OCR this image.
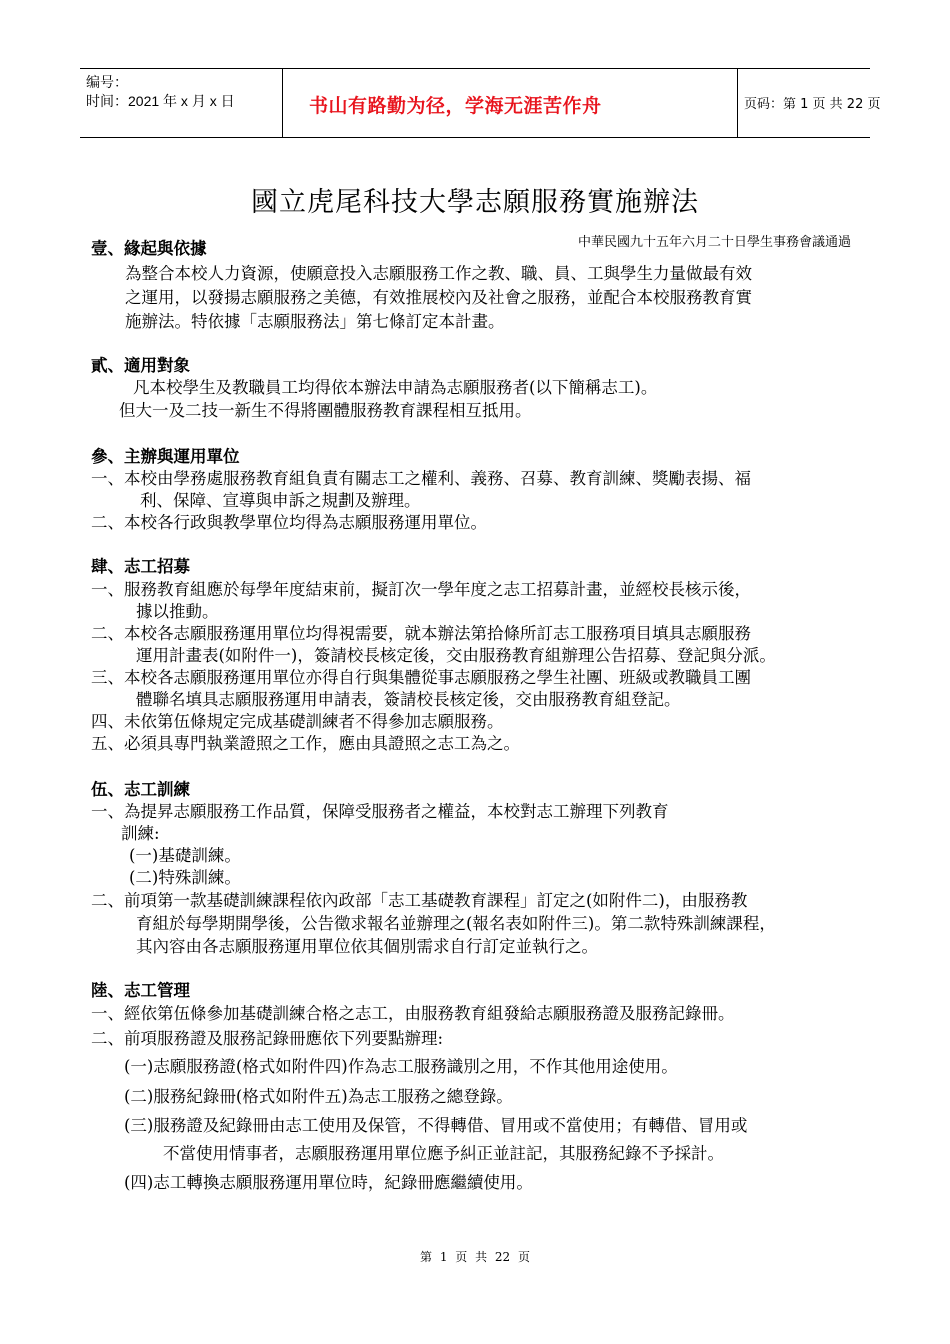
编号：
时间：2021 年 x 月 x 日	书山有路勤为径，学海无涯苦作舟	页码：第 1 页 共 22 页
國立虎尾科技大學志願服務實施辦法
中華民國九十五年六月二十日學生事務會議通過
壹、緣起與依據
為整合本校人力資源，使願意投入志願服務工作之教、職、員、工與學生力量做最有效
之運用，以發揚志願服務之美德，有效推展校內及社會之服務，並配合本校服務教育實
施辦法。特依據「志願服務法」第七條訂定本計畫。
貳、適用對象
凡本校學生及教職員工均得依本辦法申請為志願服務者(以下簡稱志工)。
但大一及二技一新生不得將團體服務教育課程相互抵用。
參、主辦與運用單位
一、本校由學務處服務教育組負責有關志工之權利、義務、召募、教育訓練、獎勵表揚、福
利、保障、宣導與申訴之規劃及辦理。
二、本校各行政與教學單位均得為志願服務運用單位。
肆、志工招募
一、服務教育組應於每學年度結束前，擬訂次一學年度之志工招募計畫，並經校長核示後，
據以推動。
二、本校各志願服務運用單位均得視需要，就本辦法第拾條所訂志工服務項目填具志願服務
運用計畫表(如附件一)，簽請校長核定後，交由服務教育組辦理公告招募、登記與分派。
三、本校各志願服務運用單位亦得自行與集體從事志願服務之學生社團、班級或教職員工團
體聯名填具志願服務運用申請表，簽請校長核定後，交由服務教育組登記。
四、未依第伍條規定完成基礎訓練者不得參加志願服務。
五、必須具專門執業證照之工作，應由具證照之志工為之。
伍、志工訓練
一、為提昇志願服務工作品質，保障受服務者之權益，本校對志工辦理下列教育
訓練:
(一)基礎訓練。
(二)特殊訓練。
二、前項第一款基礎訓練課程依內政部「志工基礎教育課程」訂定之(如附件二)，由服務教
育組於每學期開學後，公告徵求報名並辦理之(報名表如附件三)。第二款特殊訓練課程，
其內容由各志願服務運用單位依其個別需求自行訂定並執行之。
陸、志工管理
一、經依第伍條參加基礎訓練合格之志工，由服務教育組發給志願服務證及服務記錄冊。
二、前項服務證及服務記錄冊應依下列要點辦理:
(一)志願服務證(格式如附件四)作為志工服務識別之用，不作其他用途使用。
(二)服務紀錄冊(格式如附件五)為志工服務之總登錄。
(三)服務證及紀錄冊由志工使用及保管，不得轉借、冒用或不當使用；有轉借、冒用或
不當使用情事者，志願服務運用單位應予糾正並註記，其服務紀錄不予採計。
(四)志工轉換志願服務運用單位時，紀錄冊應繼續使用。
第 1 页 共 22 页
